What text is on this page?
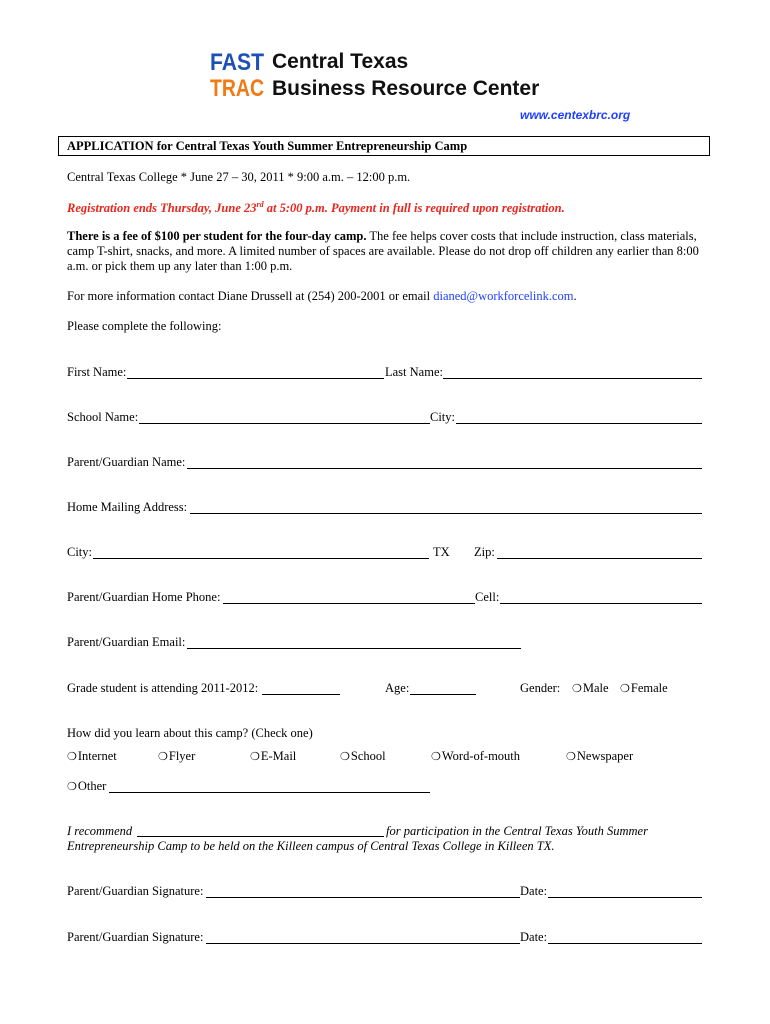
FAST
TRAC
Central Texas
Business Resource Center
www.centexbrc.org
APPLICATION for Central Texas Youth Summer Entrepreneurship Camp
Central Texas College * June 27 – 30, 2011 * 9:00 a.m. – 12:00 p.m.
Registration ends Thursday, June 23rd at 5:00 p.m. Payment in full is required upon registration.
There is a fee of $100 per student for the four-day camp. The fee helps cover costs that include instruction, class materials, camp T-shirt, snacks, and more. A limited number of spaces are available. Please do not drop off children any earlier than 8:00 a.m. or pick them up any later than 1:00 p.m.
For more information contact Diane Drussell at (254) 200-2001 or email dianed@workforcelink.com.
Please complete the following:
First Name:	Last Name:
School Name:	City:
Parent/Guardian Name:
Home Mailing Address:
City:	TX Zip:
Parent/Guardian Home Phone:	Cell:
Parent/Guardian Email:
Grade student is attending 2011-2012:	Age:	Gender: ❍Male ❍Female
How did you learn about this camp? (Check one)
❍Internet	❍Flyer	❍E-Mail	❍School	❍Word-of-mouth	❍Newspaper
❍Other
I recommend	for participation in the Central Texas Youth Summer
Entrepreneurship Camp to be held on the Killeen campus of Central Texas College in Killeen TX.
Parent/Guardian Signature:	Date:
Parent/Guardian Signature:	Date:
